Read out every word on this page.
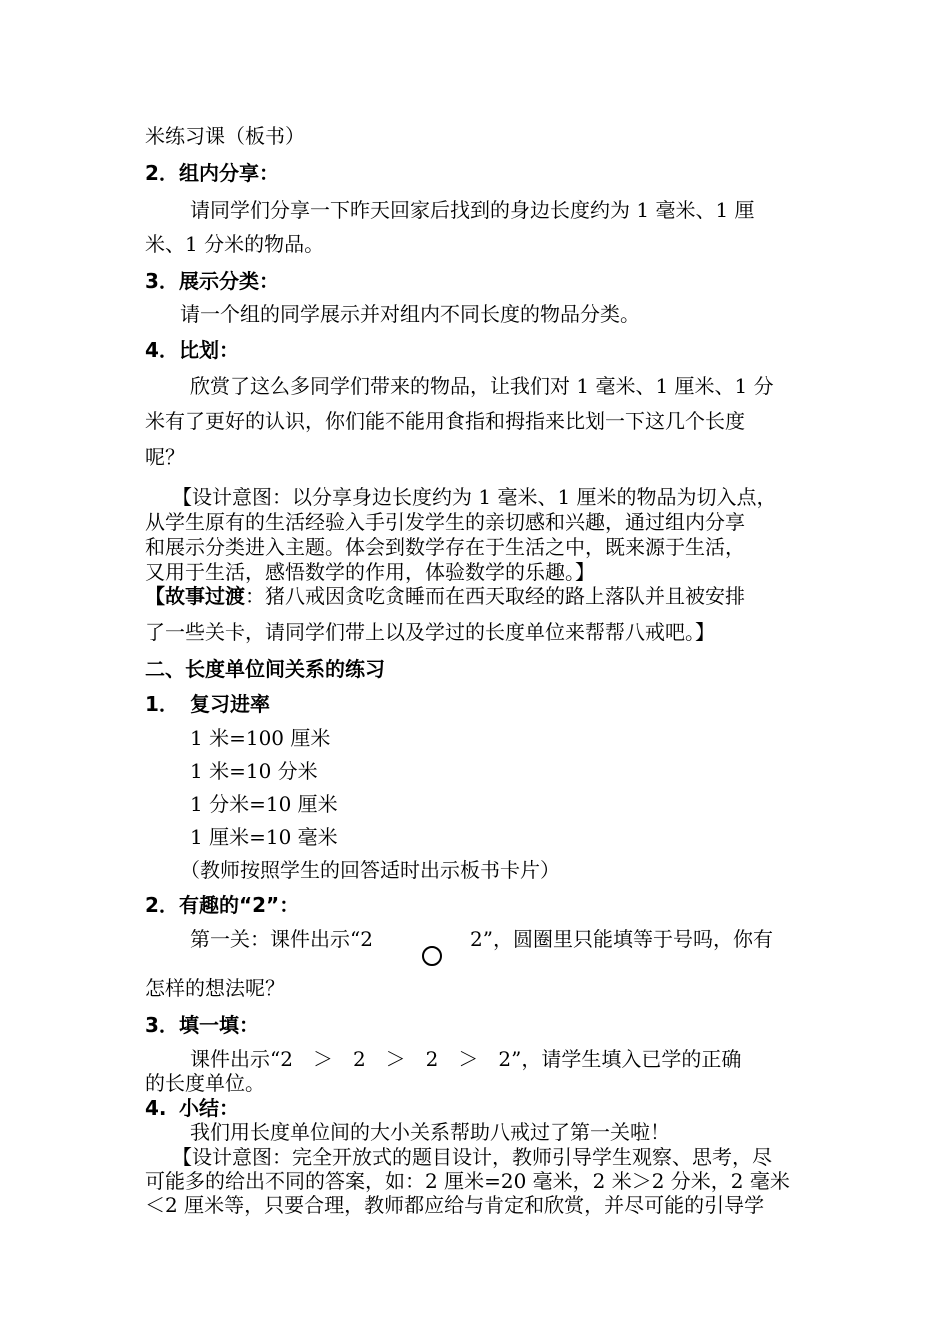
米练习课（板书）

2．组内分享：

请同学们分享一下昨天回家后找到的身边长度约为 1 毫米、1 厘

米、1 分米的物品。

3．展示分类：

请一个组的同学展示并对组内不同长度的物品分类。

4．比划：

欣赏了这么多同学们带来的物品，让我们对 1 毫米、1 厘米、1 分

米有了更好的认识，你们能不能用食指和拇指来比划一下这几个长度

呢？

【设计意图：以分享身边长度约为 1 毫米、1 厘米的物品为切入点，

从学生原有的生活经验入手引发学生的亲切感和兴趣，通过组内分享

和展示分类进入主题。体会到数学存在于生活之中，既来源于生活，

又用于生活，感悟数学的作用，体验数学的乐趣。】

【故事过渡：猪八戒因贪吃贪睡而在西天取经的路上落队并且被安排

了一些关卡，请同学们带上以及学过的长度单位来帮帮八戒吧。】

二、长度单位间关系的练习

1． 复习进率

1 米=100 厘米

1 米=10 分米

1 分米=10 厘米

1 厘米=10 毫米

（教师按照学生的回答适时出示板书卡片）

2．有趣的“2”：

第一关：课件出示“2	2”，圆圈里只能填等于号吗，你有

怎样的想法呢？

3．填一填：

课件出示“2　＞　2　＞　2　＞　2”，请学生填入已学的正确

的长度单位。

4. 小结：

我们用长度单位间的大小关系帮助八戒过了第一关啦！

【设计意图：完全开放式的题目设计，教师引导学生观察、思考，尽

可能多的给出不同的答案，如：2 厘米=20 毫米，2 米＞2 分米，2 毫米

＜2 厘米等，只要合理，教师都应给与肯定和欣赏，并尽可能的引导学
